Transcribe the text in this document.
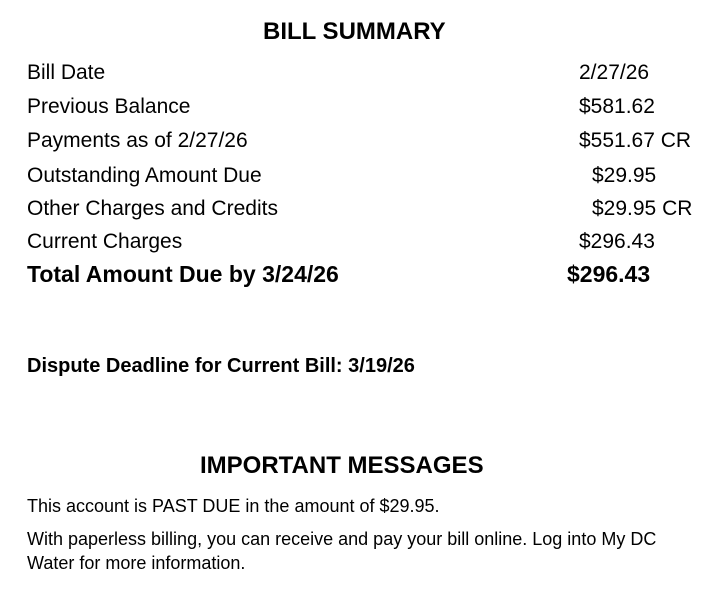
BILL SUMMARY
Bill Date	2/27/26
Previous Balance	$581.62
Payments as of 2/27/26	$551.67 CR
Outstanding Amount Due	$29.95
Other Charges and Credits	$29.95 CR
Current Charges	$296.43
Total Amount Due by 3/24/26	$296.43
Dispute Deadline for Current Bill: 3/19/26
IMPORTANT MESSAGES
This account is PAST DUE in the amount of $29.95.
With paperless billing, you can receive and pay your bill online. Log into My DC Water for more information.
